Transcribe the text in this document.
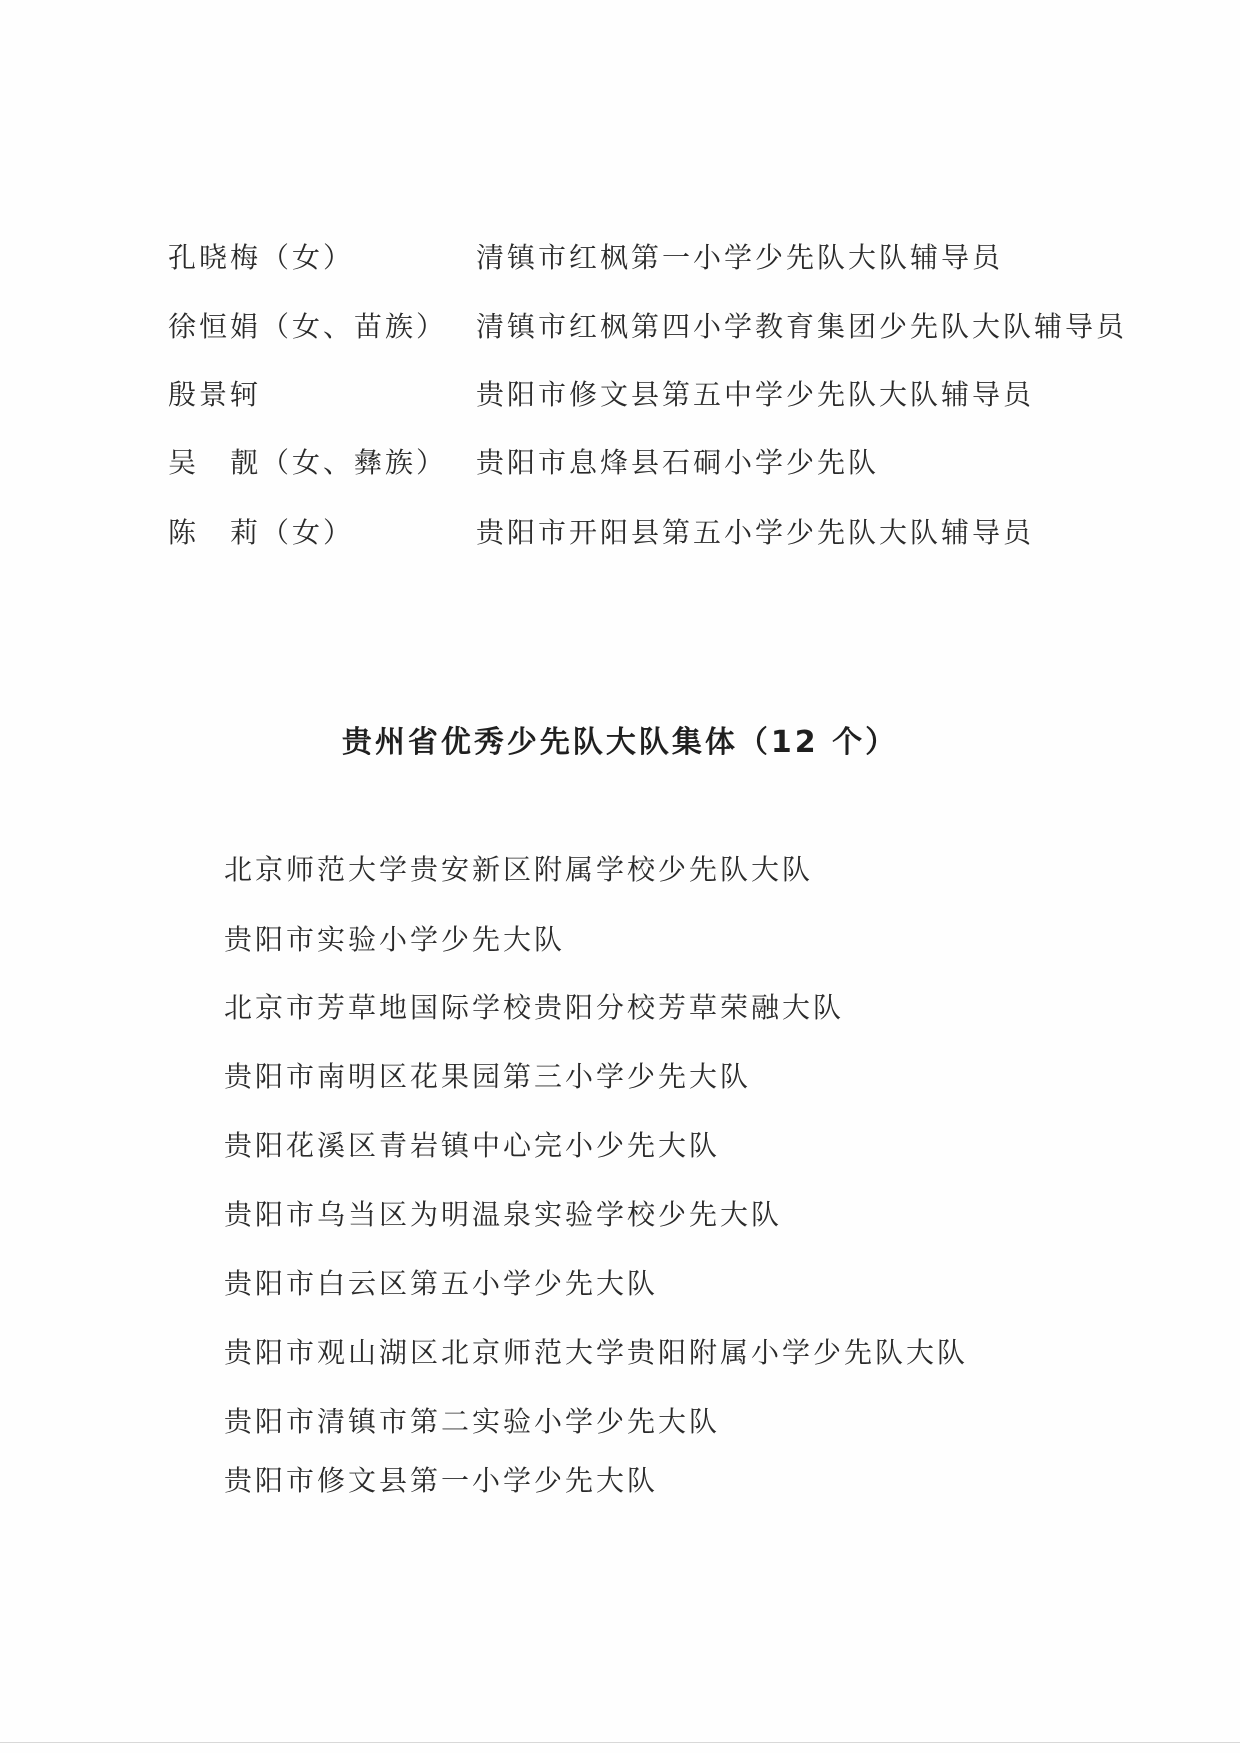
孔晓梅（女）	清镇市红枫第一小学少先队大队辅导员
徐恒娟（女、苗族） 清镇市红枫第四小学教育集团少先队大队辅导员
殷景轲	贵阳市修文县第五中学少先队大队辅导员
吴　靓（女、彝族） 贵阳市息烽县石硐小学少先队
陈　莉（女）	贵阳市开阳县第五小学少先队大队辅导员
贵州省优秀少先队大队集体（12 个）
北京师范大学贵安新区附属学校少先队大队
贵阳市实验小学少先大队
北京市芳草地国际学校贵阳分校芳草荣融大队
贵阳市南明区花果园第三小学少先大队
贵阳花溪区青岩镇中心完小少先大队
贵阳市乌当区为明温泉实验学校少先大队
贵阳市白云区第五小学少先大队
贵阳市观山湖区北京师范大学贵阳附属小学少先队大队
贵阳市清镇市第二实验小学少先大队
贵阳市修文县第一小学少先大队
